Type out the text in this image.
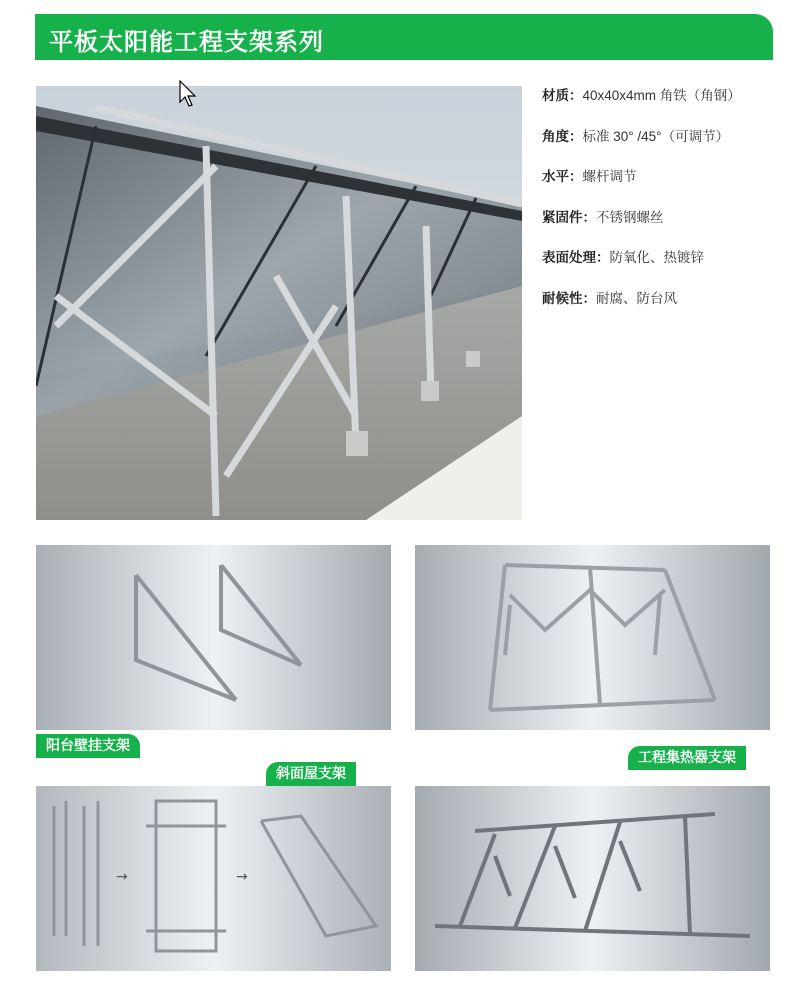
平板太阳能工程支架系列
材质：40x40x4mm 角铁（角钢）
角度：标准 30° /45°（可调节）
水平：螺杆调节
紧固件：不锈钢螺丝
表面处理：防氧化、热镀锌
耐候性：耐腐、防台风
→	→
阳台壁挂支架
斜面屋支架
工程集热器支架
